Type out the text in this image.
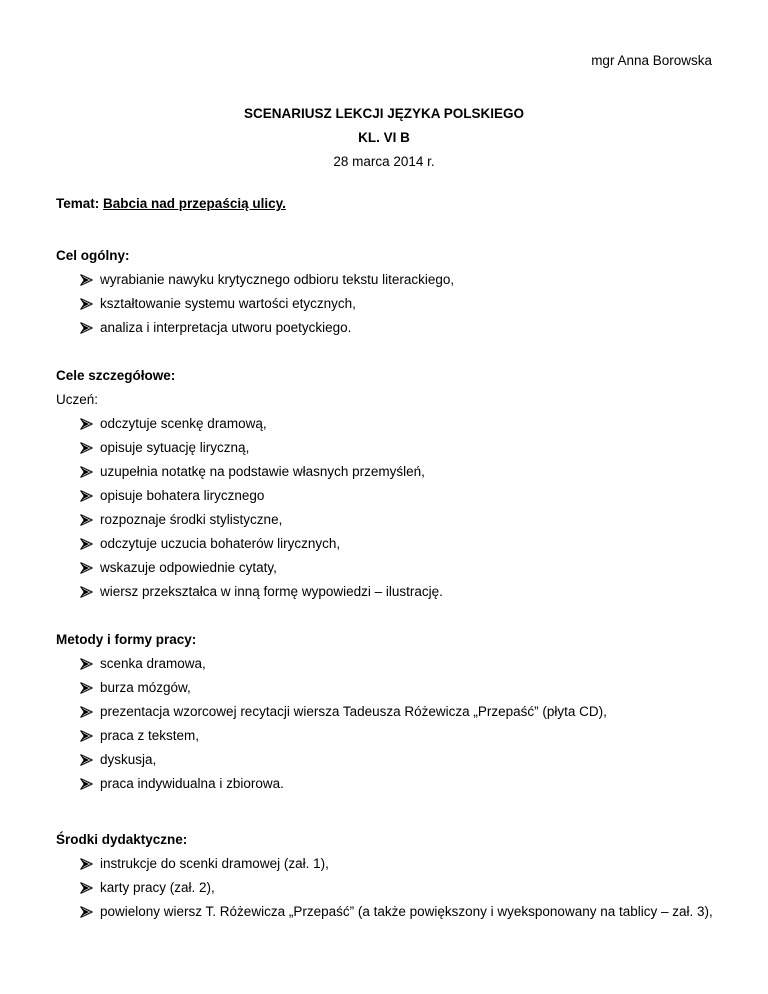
mgr Anna Borowska
SCENARIUSZ LEKCJI JĘZYKA POLSKIEGO
KL. VI B
28 marca 2014 r.
Temat: Babcia nad przepaścią ulicy.
Cel ogólny:
wyrabianie nawyku krytycznego odbioru tekstu literackiego,
kształtowanie systemu wartości etycznych,
analiza i interpretacja utworu poetyckiego.
Cele szczegółowe:
Uczeń:
odczytuje scenkę dramową,
opisuje sytuację liryczną,
uzupełnia notatkę na podstawie własnych przemyśleń,
opisuje bohatera lirycznego
rozpoznaje środki stylistyczne,
odczytuje uczucia bohaterów lirycznych,
wskazuje odpowiednie cytaty,
wiersz przekształca w inną formę wypowiedzi – ilustrację.
Metody i formy pracy:
scenka dramowa,
burza mózgów,
prezentacja wzorcowej recytacji wiersza Tadeusza Różewicza „Przepaść” (płyta CD),
praca z tekstem,
dyskusja,
praca indywidualna i zbiorowa.
Środki dydaktyczne:
instrukcje do scenki dramowej (zał. 1),
karty pracy (zał. 2),
powielony wiersz T. Różewicza „Przepaść” (a także powiększony i wyeksponowany na tablicy – zał. 3),
